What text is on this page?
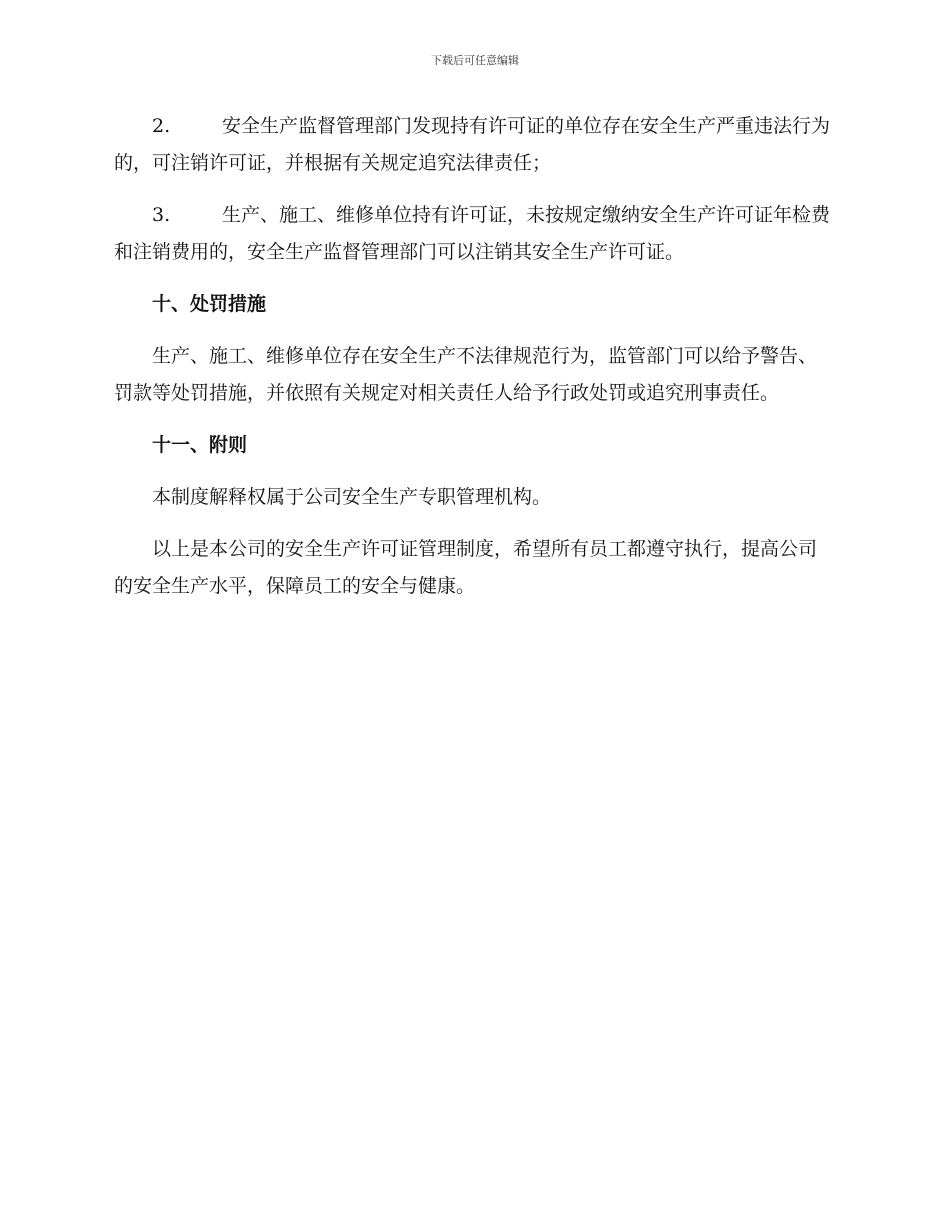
下载后可任意编辑

2.	安全生产监督管理部门发现持有许可证的单位存在安全生产严重违法行为的，可注销许可证，并根据有关规定追究法律责任；

3.	生产、施工、维修单位持有许可证，未按规定缴纳安全生产许可证年检费和注销费用的，安全生产监督管理部门可以注销其安全生产许可证。

十、处罚措施

生产、施工、维修单位存在安全生产不法律规范行为，监管部门可以给予警告、罚款等处罚措施，并依照有关规定对相关责任人给予行政处罚或追究刑事责任。

十一、附则

本制度解释权属于公司安全生产专职管理机构。

以上是本公司的安全生产许可证管理制度，希望所有员工都遵守执行，提高公司的安全生产水平，保障员工的安全与健康。
